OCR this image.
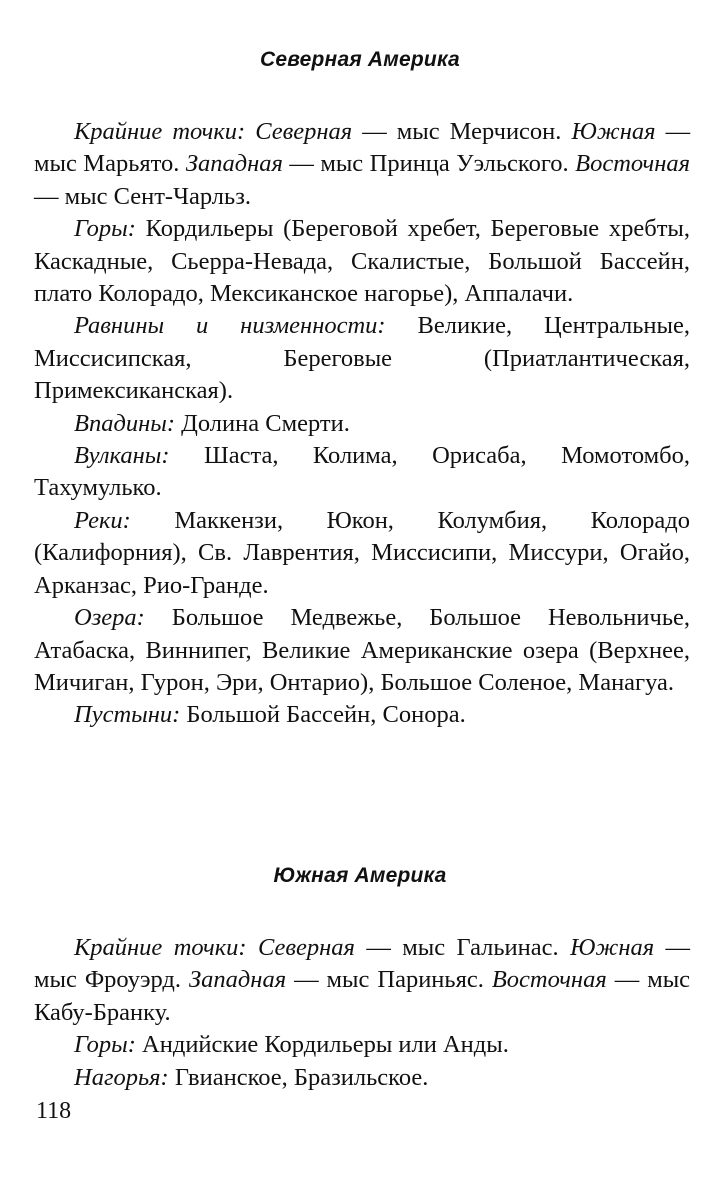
Северная Америка

Крайние точки: Северная — мыс Мерчисон. Южная — мыс Марьято. Западная — мыс Принца Уэльского. Восточная — мыс Сент-Чарльз.

Горы: Кордильеры (Береговой хребет, Береговые хребты, Каскадные, Сьерра-Невада, Скалистые, Большой Бассейн, плато Колорадо, Мексиканское нагорье), Аппалачи.

Равнины и низменности: Великие, Центральные, Миссисипская, Береговые (Приатлантическая, Примексиканская).

Впадины: Долина Смерти.

Вулканы: Шаста, Колима, Орисаба, Момотомбо, Тахумулько.

Реки: Маккензи, Юкон, Колумбия, Колорадо (Калифорния), Св. Лаврентия, Миссисипи, Миссури, Огайо, Арканзас, Рио-Гранде.

Озера: Большое Медвежье, Большое Невольничье, Атабаска, Виннипег, Великие Американские озера (Верхнее, Мичиган, Гурон, Эри, Онтарио), Большое Соленое, Манагуа.

Пустыни: Большой Бассейн, Сонора.

Южная Америка

Крайние точки: Северная — мыс Гальинас. Южная — мыс Фроуэрд. Западная — мыс Париньяс. Восточная — мыс Кабу-Бранку.

Горы: Андийские Кордильеры или Анды.

Нагорья: Гвианское, Бразильское.

118
